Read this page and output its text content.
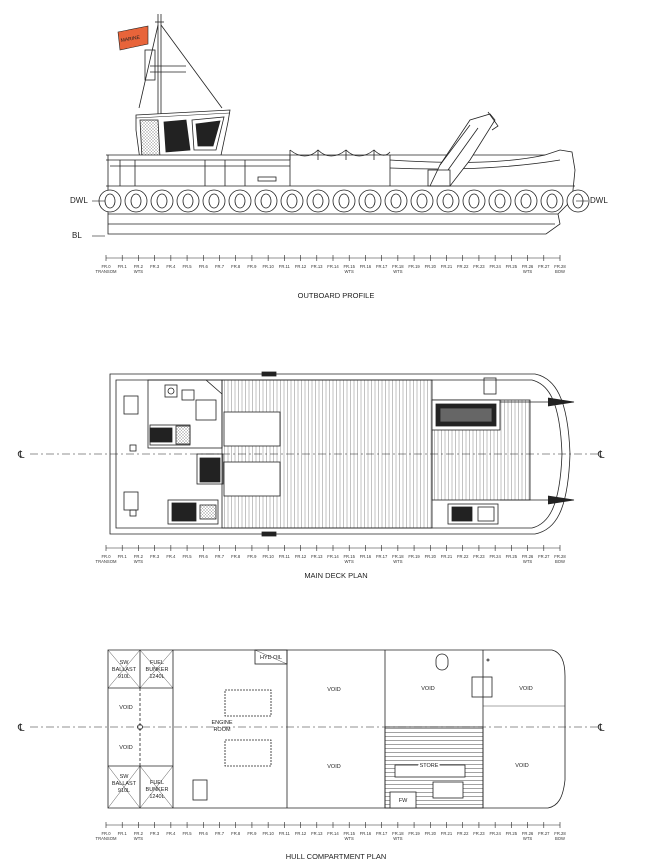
MARINE
DWL	DWL
BL
FR.0
TRANSOM
FR.1 FR.2
WTS
FR.3 FR.4 FR.5 FR.6 FR.7 FR.8 FR.9 FR.10 FR.11 FR.12 FR.13 FR.14 FR.15
WTS
FR.16 FR.17 FR.18
WTS
FR.19 FR.20 FR.21 FR.22 FR.23 FR.24 FR.25 FR.26
WTS
FR.27 FR.28
BOW
OUTBOARD PROFILE
℄	℄
FR.0
TRANSOM
FR.1 FR.2
WTS
FR.3 FR.4 FR.5 FR.6 FR.7 FR.8 FR.9 FR.10 FR.11 FR.12 FR.13 FR.14 FR.15
WTS
FR.16 FR.17 FR.18
WTS
FR.19 FR.20 FR.21 FR.22 FR.23 FR.24 FR.25 FR.26
WTS
FR.27 FR.28
BOW
MAIN DECK PLAN
℄	℄
SW BALLAST 910L
FUEL BUNKER 1240L
VOID
VOID
SW BALLAST 910L
FUEL BUNKER 1240L
HYD OIL
ENGINE ROOM
VOID
VOID
VOID	VOID
STORE
FW
VOID
FR.0
TRANSOM
FR.1 FR.2
WTS
FR.3 FR.4 FR.5 FR.6 FR.7 FR.8 FR.9 FR.10 FR.11 FR.12 FR.13 FR.14 FR.15
WTS
FR.16 FR.17 FR.18
WTS
FR.19 FR.20 FR.21 FR.22 FR.23 FR.24 FR.25 FR.26
WTS
FR.27 FR.28
BOW
HULL COMPARTMENT PLAN
